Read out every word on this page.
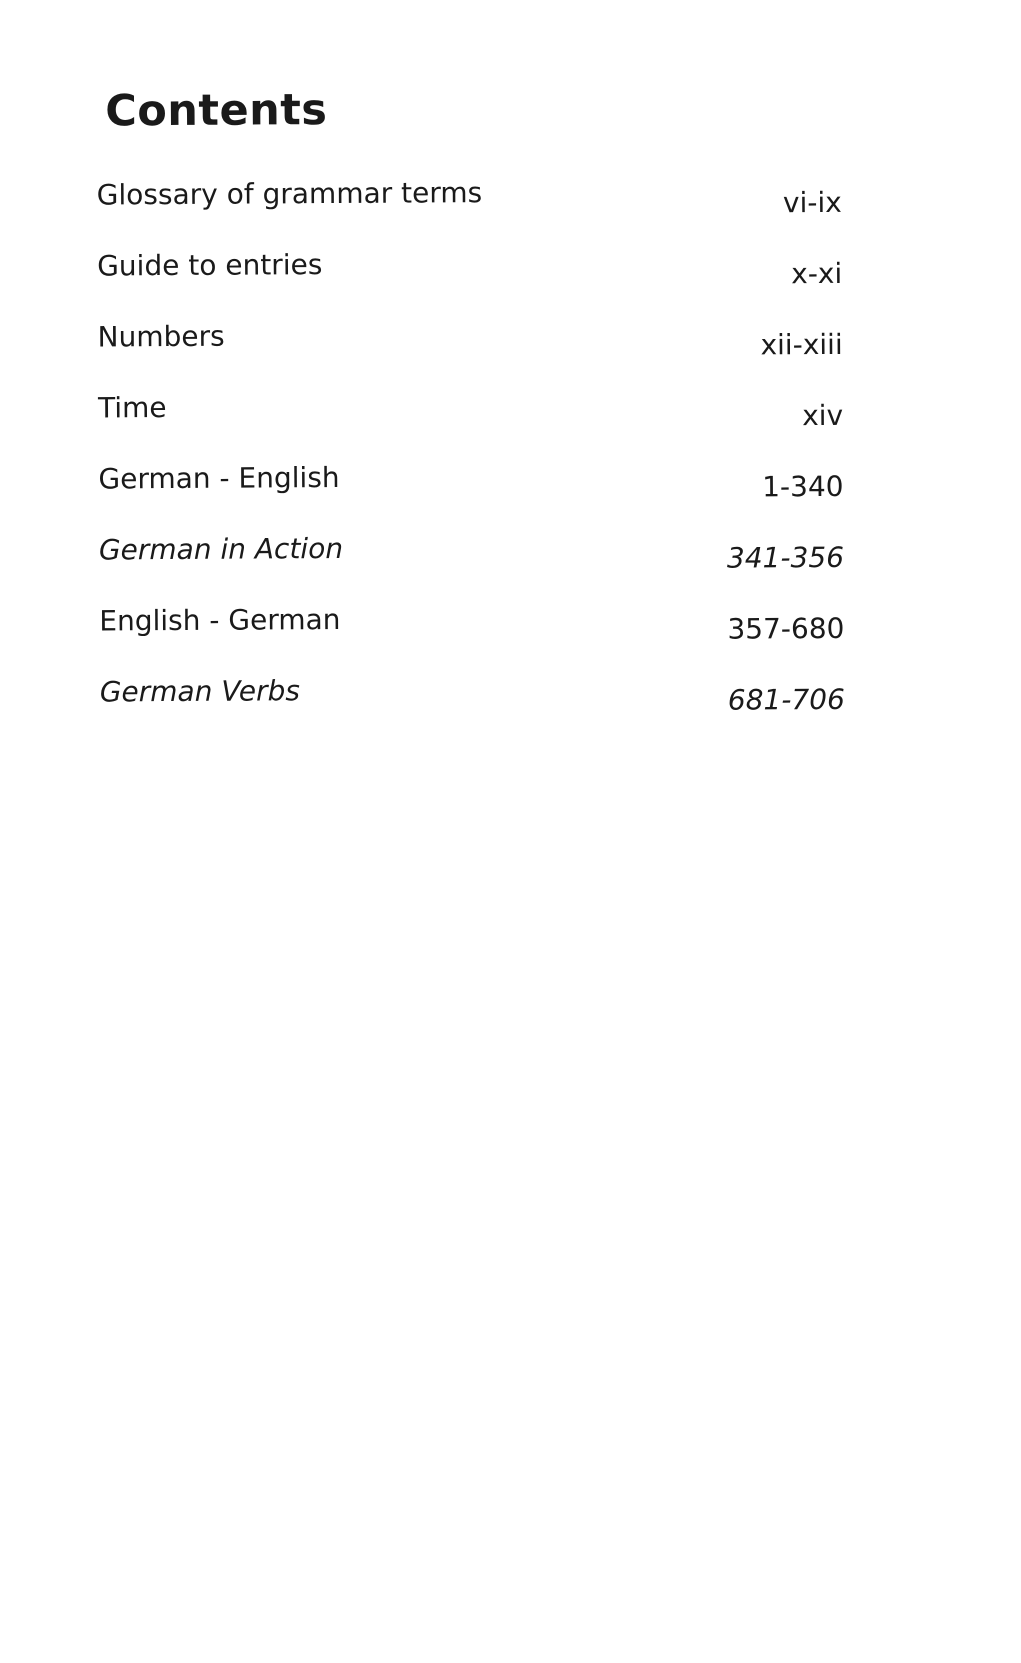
Contents
Glossary of grammar terms	vi-ix
Guide to entries	x-xi
Numbers	xii-xiii
Time	xiv
German - English	1-340
German in Action	341-356
English - German	357-680
German Verbs	681-706
